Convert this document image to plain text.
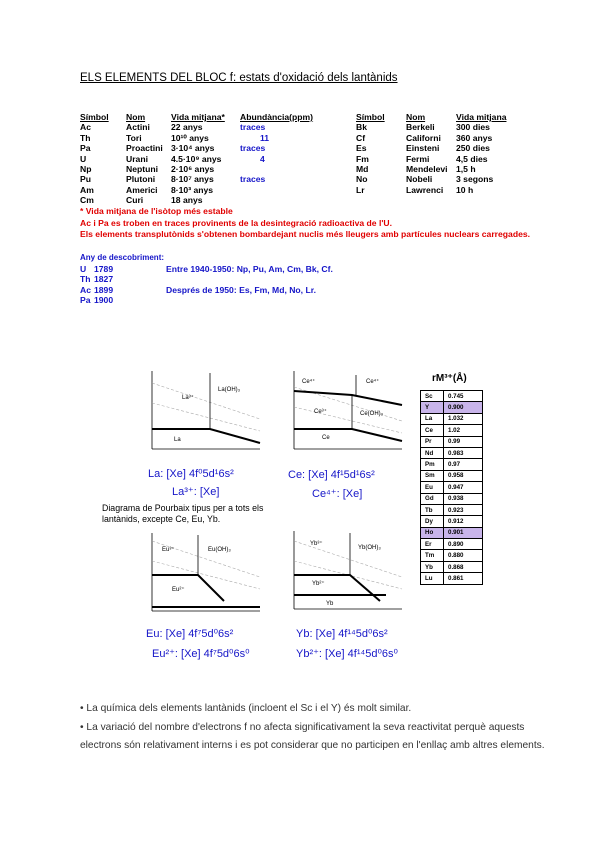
ELS ELEMENTS DEL BLOC f: estats d'oxidació dels lantànids
Símbol	Nom	Vida mitjana*	Abundància(ppm)
Ac	Actini	22 anys	traces
Th	Tori	10¹⁰ anys	11
Pa	Proactini 3·10⁴ anys	traces
U	Urani	4.5·10⁹ anys	4
Np	Neptuni	2·10⁶ anys
Pu	Plutoni	8·10⁷ anys	traces
Am	Americi	8·10³ anys
Cm	Curi	18 anys
Símbol	Nom	Vida mitjana
Bk	Berkeli	300 dies
Cf	Californi	360 anys
Es	Einsteni	250 dies
Fm	Fermi	4,5 dies
Md	Mendelevi 1,5 h
No	Nobeli	3 segons
Lr	Lawrenci	10 h
* Vida mitjana de l'isòtop més estable
Ac i Pa es troben en traces provinents de la desintegració radioactiva de l'U.
Els elements transplutònids s'obtenen bombardejant nuclis més lleugers amb partícules nuclears carregades.
Any de descobriment:
U 1789	Entre 1940-1950: Np, Pu, Am, Cm, Bk, Cf.
Th 1827
Ac 1899	Després de 1950: Es, Fm, Md, No, Lr.
Pa 1900
La(OH)₃
La³⁺
La
La: [Xe] 4f⁰5d¹6s²
La³⁺: [Xe]
Ce⁴⁺	Ce⁴⁺
Ce³⁺	Ce(OH)₃
Ce
Ce: [Xe] 4f¹5d¹6s²
Ce⁴⁺: [Xe]
Diagrama de Pourbaix tipus per a tots els
lantànids, excepte Ce, Eu, Yb.
Eu³⁺	Eu(OH)₃
Eu²⁺
Eu: [Xe] 4f⁷5d⁰6s²
Eu²⁺: [Xe] 4f⁷5d⁰6s⁰
Yb³⁺
Yb(OH)₃
Yb²⁺
Yb
Yb: [Xe] 4f¹⁴5d⁰6s²
Yb²⁺: [Xe] 4f¹⁴5d⁰6s⁰
rM³⁺(Å)
Sc	0.745
Y	0.900
La	1.032
Ce	1.02
Pr	0.99
Nd	0.983
Pm	0.97
Sm	0.958
Eu	0.947
Gd	0.938
Tb	0.923
Dy	0.912
Ho	0.901
Er	0.890
Tm	0.880
Yb	0.868
Lu	0.861

• La química dels elements lantànids (incloent el Sc i el Y) és molt similar.

• La variació del nombre d'electrons f no afecta significativament la seva reactivitat perquè aquests electrons són relativament interns i es pot considerar que no participen en l'enllaç amb altres elements.
